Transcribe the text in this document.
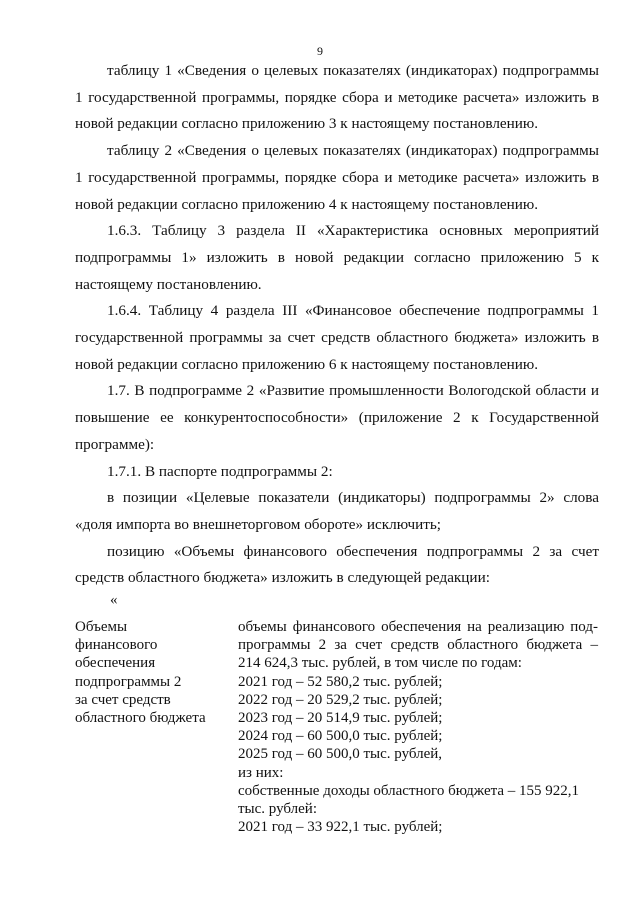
9

таблицу 1 «Сведения о целевых показателях (индикаторах) подпрограммы 1 государственной программы, порядке сбора и методике расчета» изложить в новой редакции согласно приложению 3 к настоящему постановлению.

таблицу 2 «Сведения о целевых показателях (индикаторах) подпрограммы 1 государственной программы, порядке сбора и методике расчета» изложить в новой редакции согласно приложению 4 к настоящему постановлению.

1.6.3. Таблицу 3 раздела II «Характеристика основных мероприятий подпрограммы 1» изложить в новой редакции согласно приложению 5 к настоящему постановлению.

1.6.4. Таблицу 4 раздела III «Финансовое обеспечение подпрограммы 1 государственной программы за счет средств областного бюджета» изложить в новой редакции согласно приложению 6 к настоящему постановлению.

1.7. В подпрограмме 2 «Развитие промышленности Вологодской области и повышение ее конкурентоспособности» (приложение 2 к Государственной программе):

1.7.1. В паспорте подпрограммы 2:

в позиции «Целевые показатели (индикаторы) подпрограммы 2» слова «доля импорта во внешнеторговом обороте» исключить;

позицию «Объемы финансового обеспечения подпрограммы 2 за счет средств областного бюджета» изложить в следующей редакции:

«
Объемы
финансового
обеспечения
подпрограммы 2
за счет средств
областного бюджета
объемы финансового обеспечения на реализацию под-
программы 2 за счет средств областного бюджета –
214 624,3 тыс. рублей, в том числе по годам:
2021 год – 52 580,2 тыс. рублей;
2022 год – 20 529,2 тыс. рублей;
2023 год – 20 514,9 тыс. рублей;
2024 год – 60 500,0 тыс. рублей;
2025 год – 60 500,0 тыс. рублей,
из них:
собственные доходы областного бюджета – 155 922,1
тыс. рублей:
2021 год – 33 922,1 тыс. рублей;
